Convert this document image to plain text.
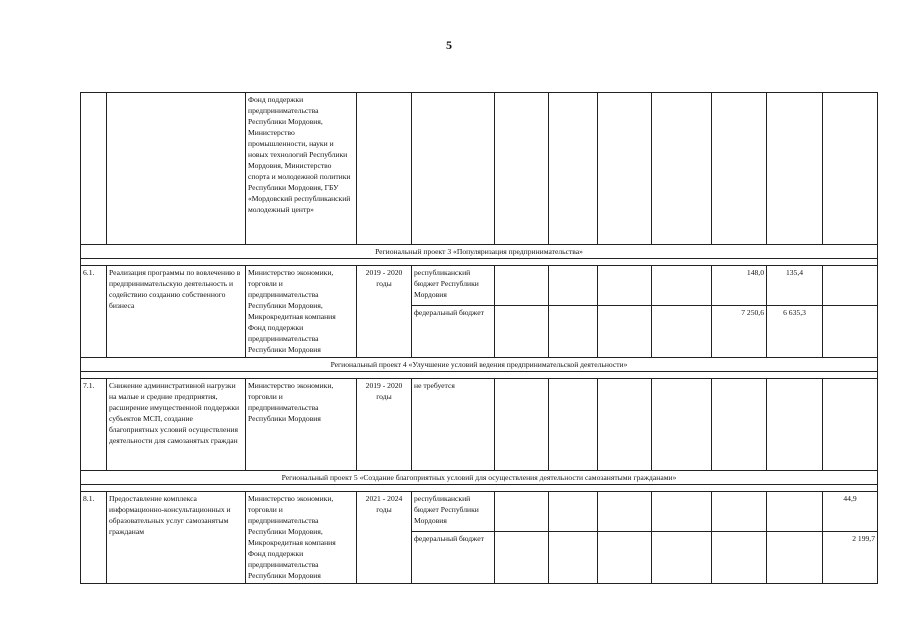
5
		Фонд поддержки предпринимательства Республики Мордовия, Министерство промышленности, науки и новых технологий Республики Мордовия, Министерство спорта и молодежной политики Республики Мордовия, ГБУ «Мордовский республиканский молодежный центр»									
Региональный проект 3 «Популяризация предпринимательства»											

6.1.	Реализация программы по вовлечению в предпринимательскую деятельность и содействию созданию собственного бизнеса	Министерство экономики, торговли и предпринимательства Республики Мордовия, Микрокредитная компания Фонд поддержки предпринимательства Республики Мордовия	2019 - 2020 годы	республиканский бюджет Республики Мордовия					148,0	135,4	
				федеральный бюджет					7 250,6	6 635,3	
Региональный проект 4 «Улучшение условий ведения предпринимательской деятельности»											

7.1.	Снижение административной нагрузки на малые и средние предприятия, расширение имущественной поддержки субъектов МСП, создание благоприятных условий осуществления деятельности для самозанятых граждан	Министерство экономики, торговли и предпринимательства Республики Мордовия	2019 - 2020 годы	не требуется							
Региональный проект 5 «Создание благоприятных условий для осуществления деятельности самозанятыми гражданами»											

8.1.	Предоставление комплекса информационно-консультационных и образовательных услуг самозанятым гражданам	Министерство экономики, торговли и предпринимательства Республики Мордовия, Микрокредитная компания Фонд поддержки предпринимательства Республики Мордовия	2021 - 2024 годы	республиканский бюджет Республики Мордовия							44,9
				федеральный бюджет							2 199,7
